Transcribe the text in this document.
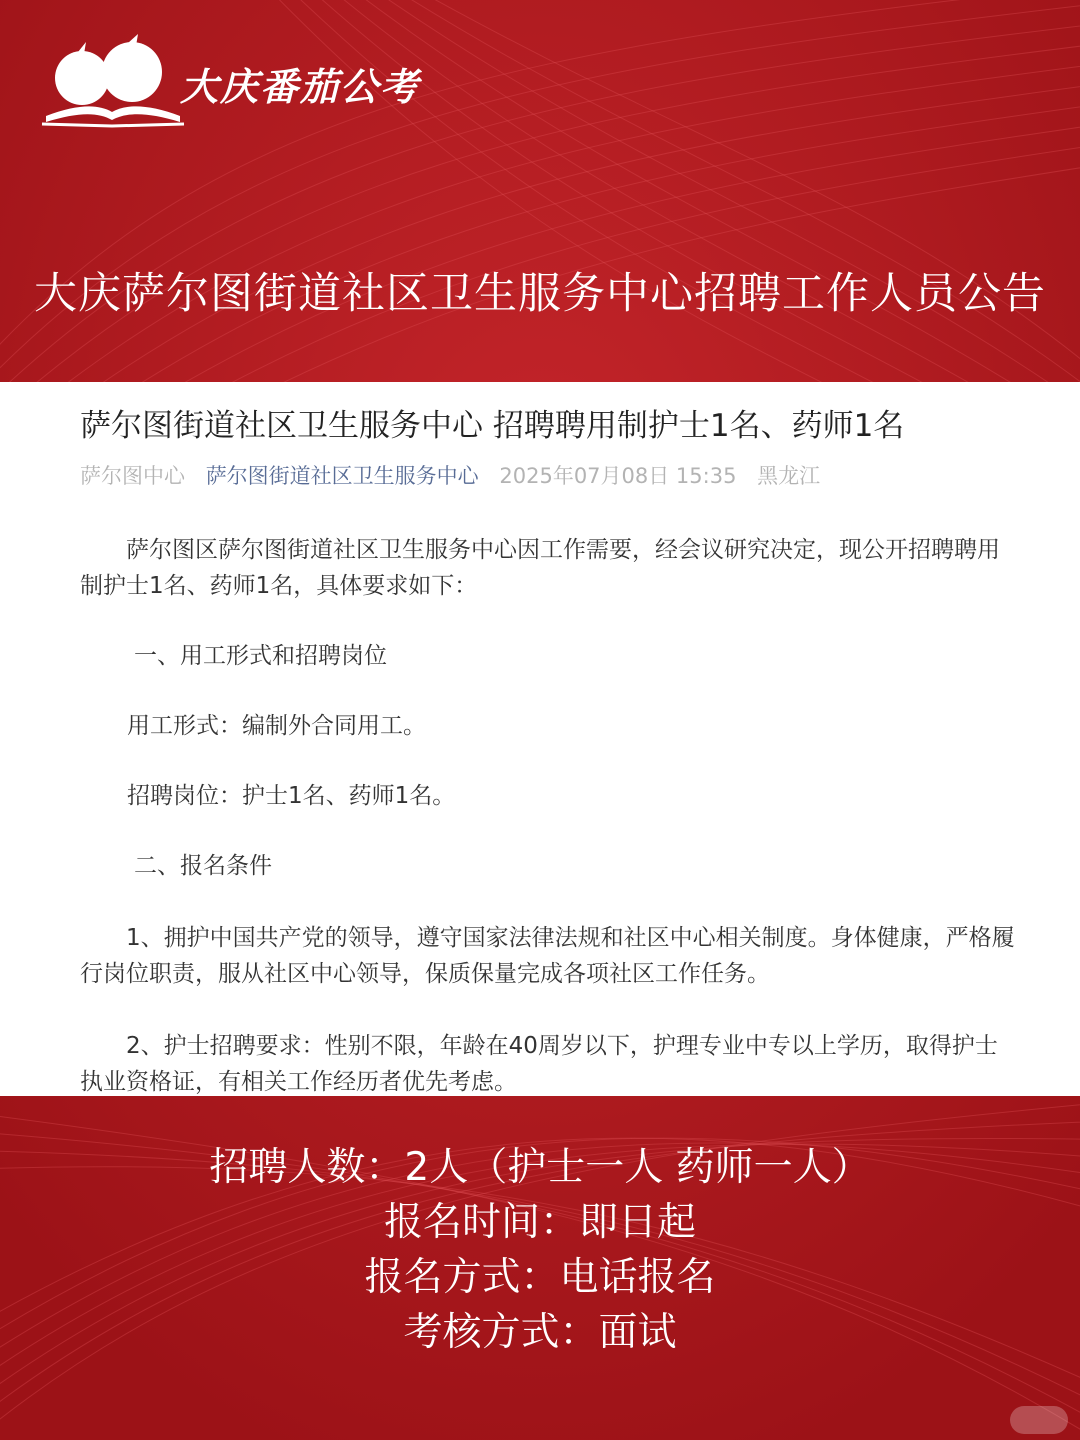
大庆番茄公考
大庆萨尔图街道社区卫生服务中心招聘工作人员公告
萨尔图街道社区卫生服务中心 招聘聘用制护士1名、药师1名
萨尔图中心 萨尔图街道社区卫生服务中心 2025年07月08日 15:35 黑龙江
萨尔图区萨尔图街道社区卫生服务中心因工作需要，经会议研究决定，现公开招聘聘用制护士1名、药师1名，具体要求如下：
一、用工形式和招聘岗位
用工形式：编制外合同用工。
招聘岗位：护士1名、药师1名。
二、报名条件
1、拥护中国共产党的领导，遵守国家法律法规和社区中心相关制度。身体健康，严格履行岗位职责，服从社区中心领导，保质保量完成各项社区工作任务。
2、护士招聘要求：性别不限，年龄在40周岁以下，护理专业中专以上学历，取得护士执业资格证，有相关工作经历者优先考虑。
招聘人数：2人（护士一人 药师一人）
报名时间：即日起
报名方式：电话报名
考核方式：面试
